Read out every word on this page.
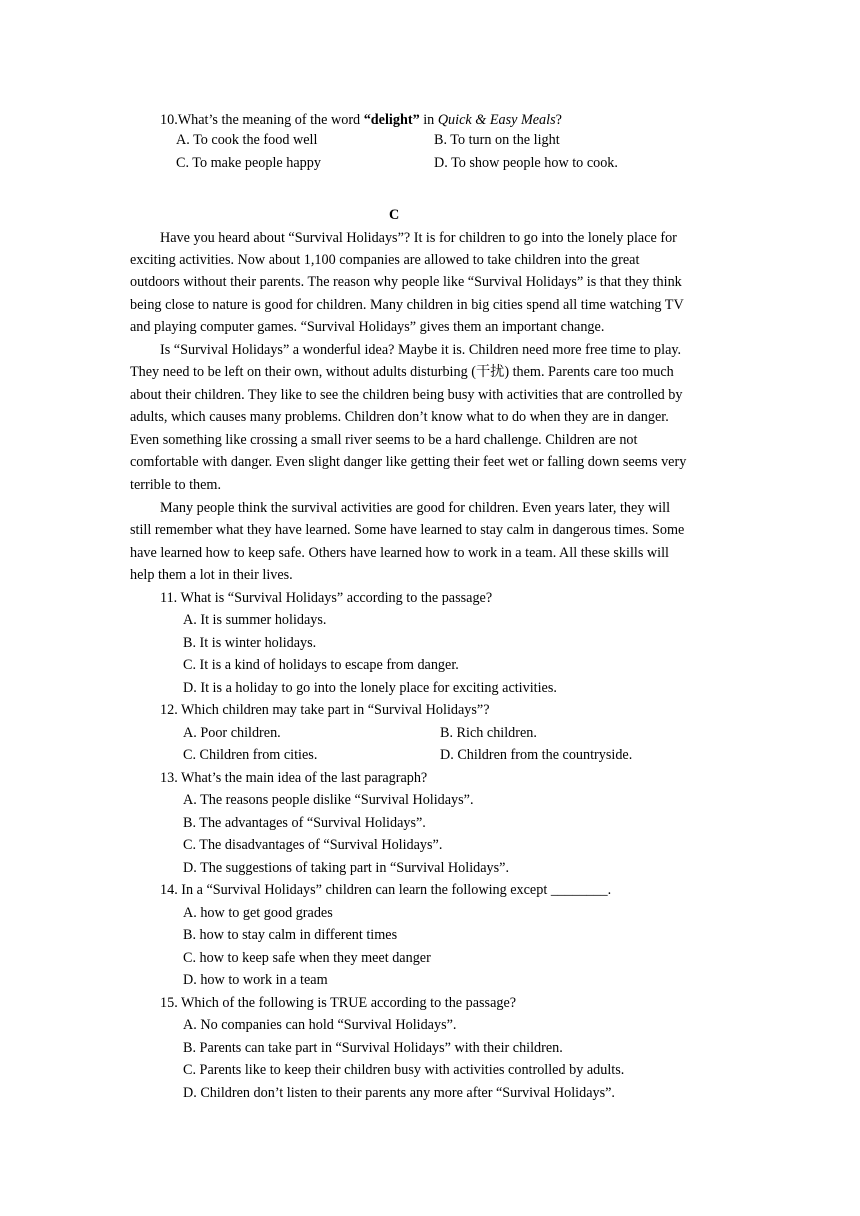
10.What’s the meaning of the word “delight” in Quick & Easy Meals?
A. To cook the food well	B. To turn on the light
C. To make people happy	D. To show people how to cook.
C
Have you heard about “Survival Holidays”? It is for children to go into the lonely place for
exciting activities. Now about 1,100 companies are allowed to take children into the great
outdoors without their parents. The reason why people like “Survival Holidays” is that they think
being close to nature is good for children. Many children in big cities spend all time watching TV
and playing computer games. “Survival Holidays” gives them an important change.
Is “Survival Holidays” a wonderful idea? Maybe it is. Children need more free time to play.
They need to be left on their own, without adults disturbing (干扰) them. Parents care too much
about their children. They like to see the children being busy with activities that are controlled by
adults, which causes many problems. Children don’t know what to do when they are in danger.
Even something like crossing a small river seems to be a hard challenge. Children are not
comfortable with danger. Even slight danger like getting their feet wet or falling down seems very
terrible to them.
Many people think the survival activities are good for children. Even years later, they will
still remember what they have learned. Some have learned to stay calm in dangerous times. Some
have learned how to keep safe. Others have learned how to work in a team. All these skills will
help them a lot in their lives.
11. What is “Survival Holidays” according to the passage?
A. It is summer holidays.
B. It is winter holidays.
C. It is a kind of holidays to escape from danger.
D. It is a holiday to go into the lonely place for exciting activities.
12. Which children may take part in “Survival Holidays”?
A. Poor children.	B. Rich children.
C. Children from cities.	D. Children from the countryside.
13. What’s the main idea of the last paragraph?
A. The reasons people dislike “Survival Holidays”.
B. The advantages of “Survival Holidays”.
C. The disadvantages of “Survival Holidays”.
D. The suggestions of taking part in “Survival Holidays”.
14. In a “Survival Holidays” children can learn the following except ________.
A. how to get good grades
B. how to stay calm in different times
C. how to keep safe when they meet danger
D. how to work in a team
15. Which of the following is TRUE according to the passage?
A. No companies can hold “Survival Holidays”.
B. Parents can take part in “Survival Holidays” with their children.
C. Parents like to keep their children busy with activities controlled by adults.
D. Children don’t listen to their parents any more after “Survival Holidays”.
